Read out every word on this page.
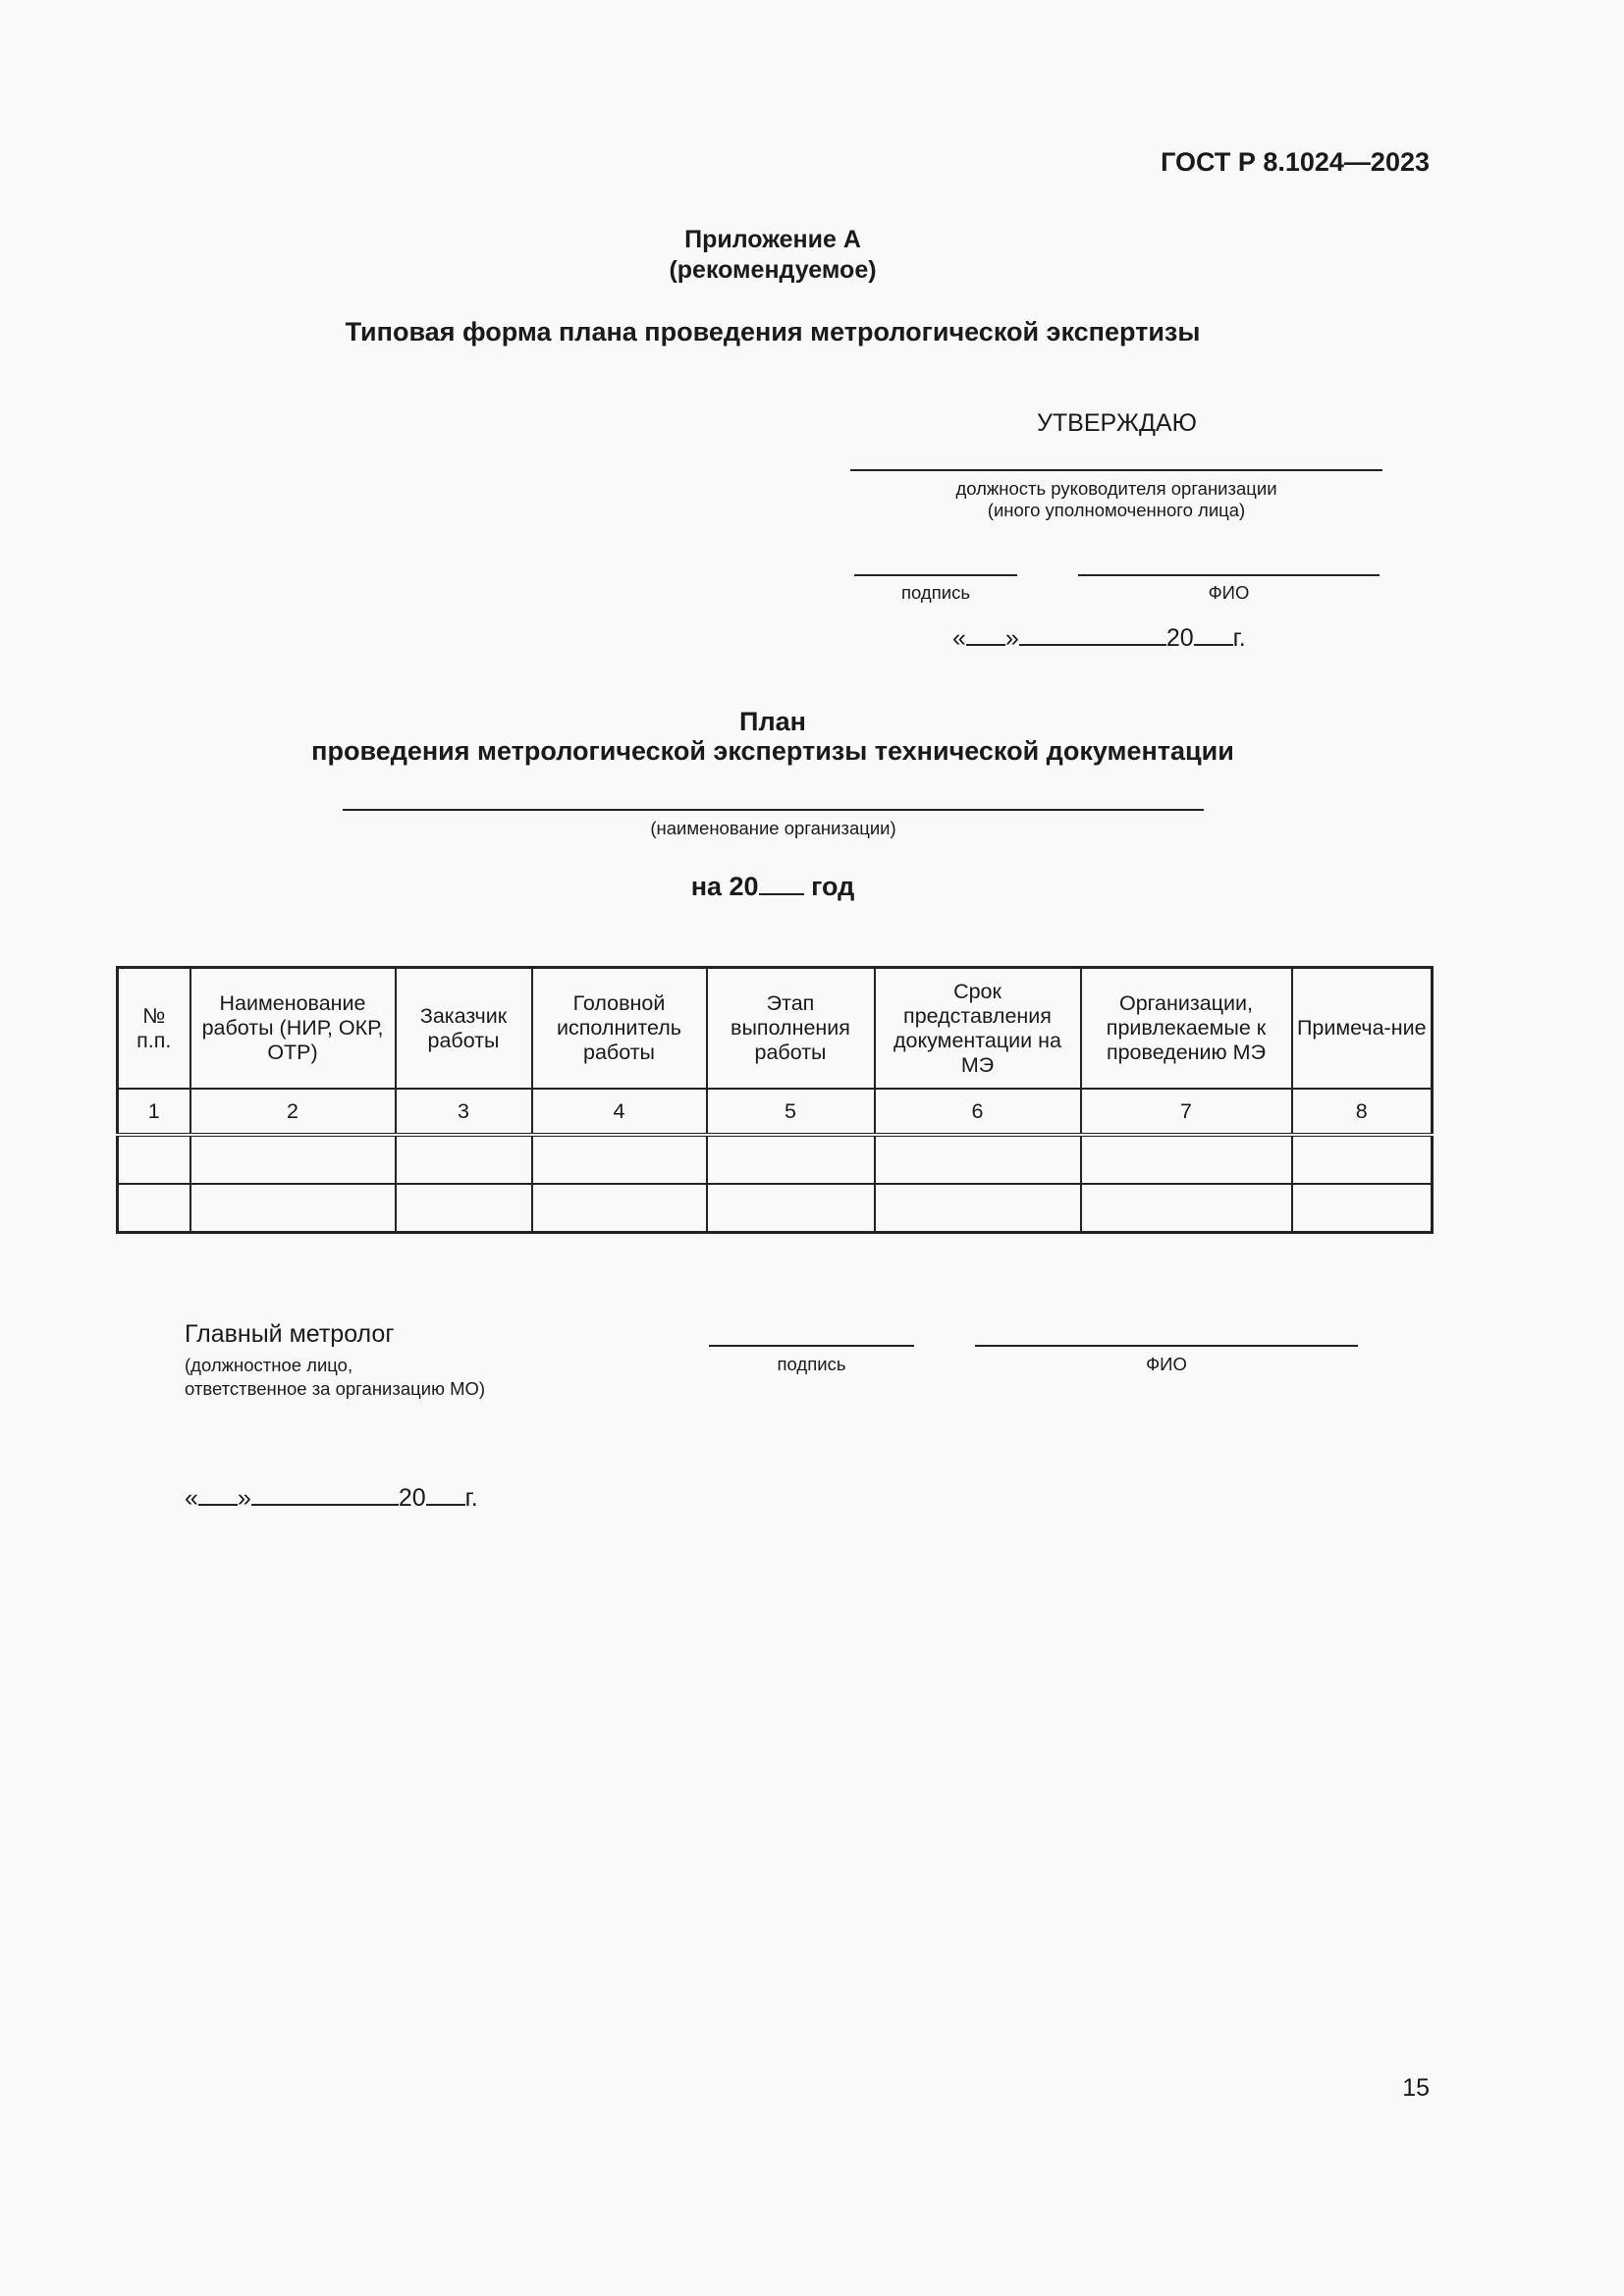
ГОСТ Р 8.1024—2023
Приложение А
(рекомендуемое)
Типовая форма плана проведения метрологической экспертизы
УТВЕРЖДАЮ
должность руководителя организации
(иного уполномоченного лица)
подпись	ФИО
« »	20 г.
План
проведения метрологической экспертизы технической документации
(наименование организации)
на 20 год
№ п.п.	Наименование работы (НИР, ОКР, ОТР)	Заказчик работы	Головной исполнитель работы	Этап выполнения работы	Срок представления документации на МЭ	Организации, привлекаемые к проведению МЭ	Примеча-ние
1	2	3	4	5	6	7	8

Главный метролог
(должностное лицо,
ответственное за организацию МО)
подпись	ФИО
« »	20 г.
15
